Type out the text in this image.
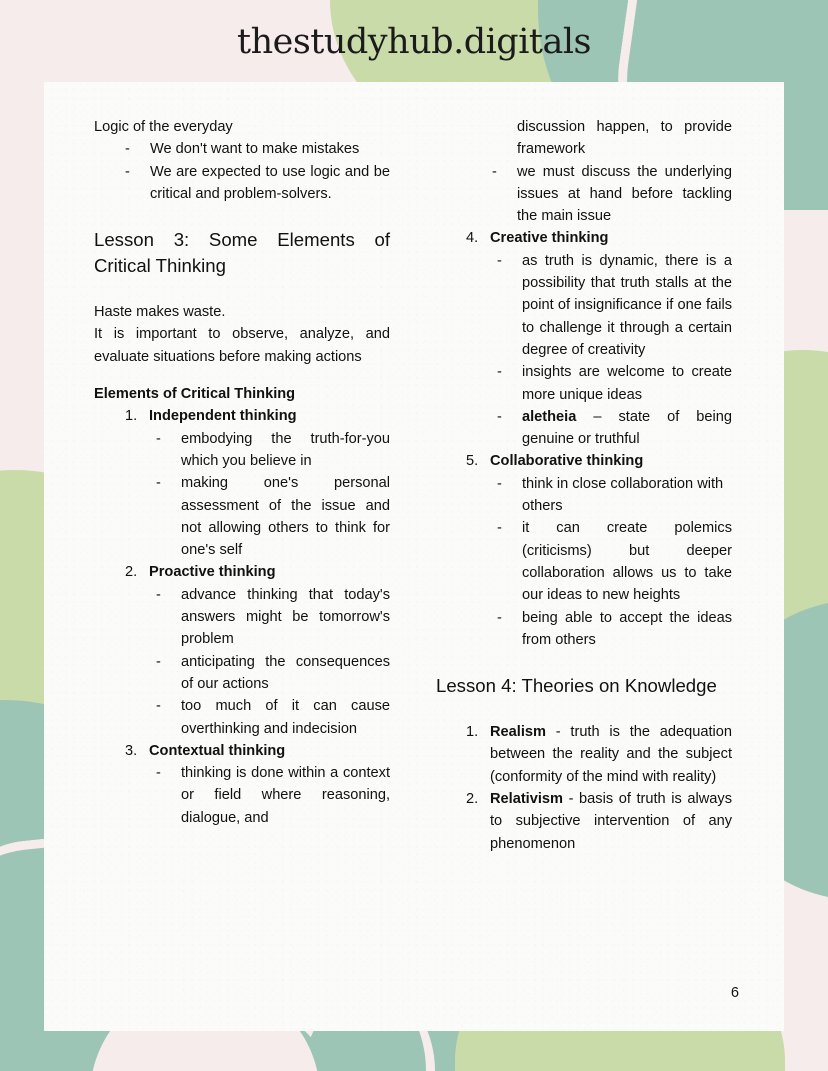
thestudyhub.digitals
Logic of the everyday
-	We don't want to make mistakes
-	We are expected to use logic and be critical and problem-solvers.
Lesson 3: Some Elements of Critical Thinking
Haste makes waste.
It is important to observe, analyze, and evaluate situations before making actions
Elements of Critical Thinking
1. Independent thinking
-	embodying the truth-for-you which you believe in
-	making one's personal assessment of the issue and not allowing others to think for one's self
2. Proactive thinking
-	advance thinking that today's answers might be tomorrow's problem
-	anticipating the consequences of our actions
-	too much of it can cause overthinking and indecision
3. Contextual thinking
-	thinking is done within a context or field where reasoning, dialogue, and
discussion happen, to provide framework
-	we must discuss the underlying issues at hand before tackling the main issue
4. Creative thinking
-	as truth is dynamic, there is a possibility that truth stalls at the point of insignificance if one fails to challenge it through a certain degree of creativity
-	insights are welcome to create more unique ideas
-	aletheia – state of being genuine or truthful
5. Collaborative thinking
-	think in close collaboration with others
-	it can create polemics (criticisms) but deeper collaboration allows us to take our ideas to new heights
-	being able to accept the ideas from others
Lesson 4: Theories on Knowledge
1. Realism - truth is the adequation between the reality and the subject (conformity of the mind with reality)
2. Relativism - basis of truth is always to subjective intervention of any phenomenon
6
